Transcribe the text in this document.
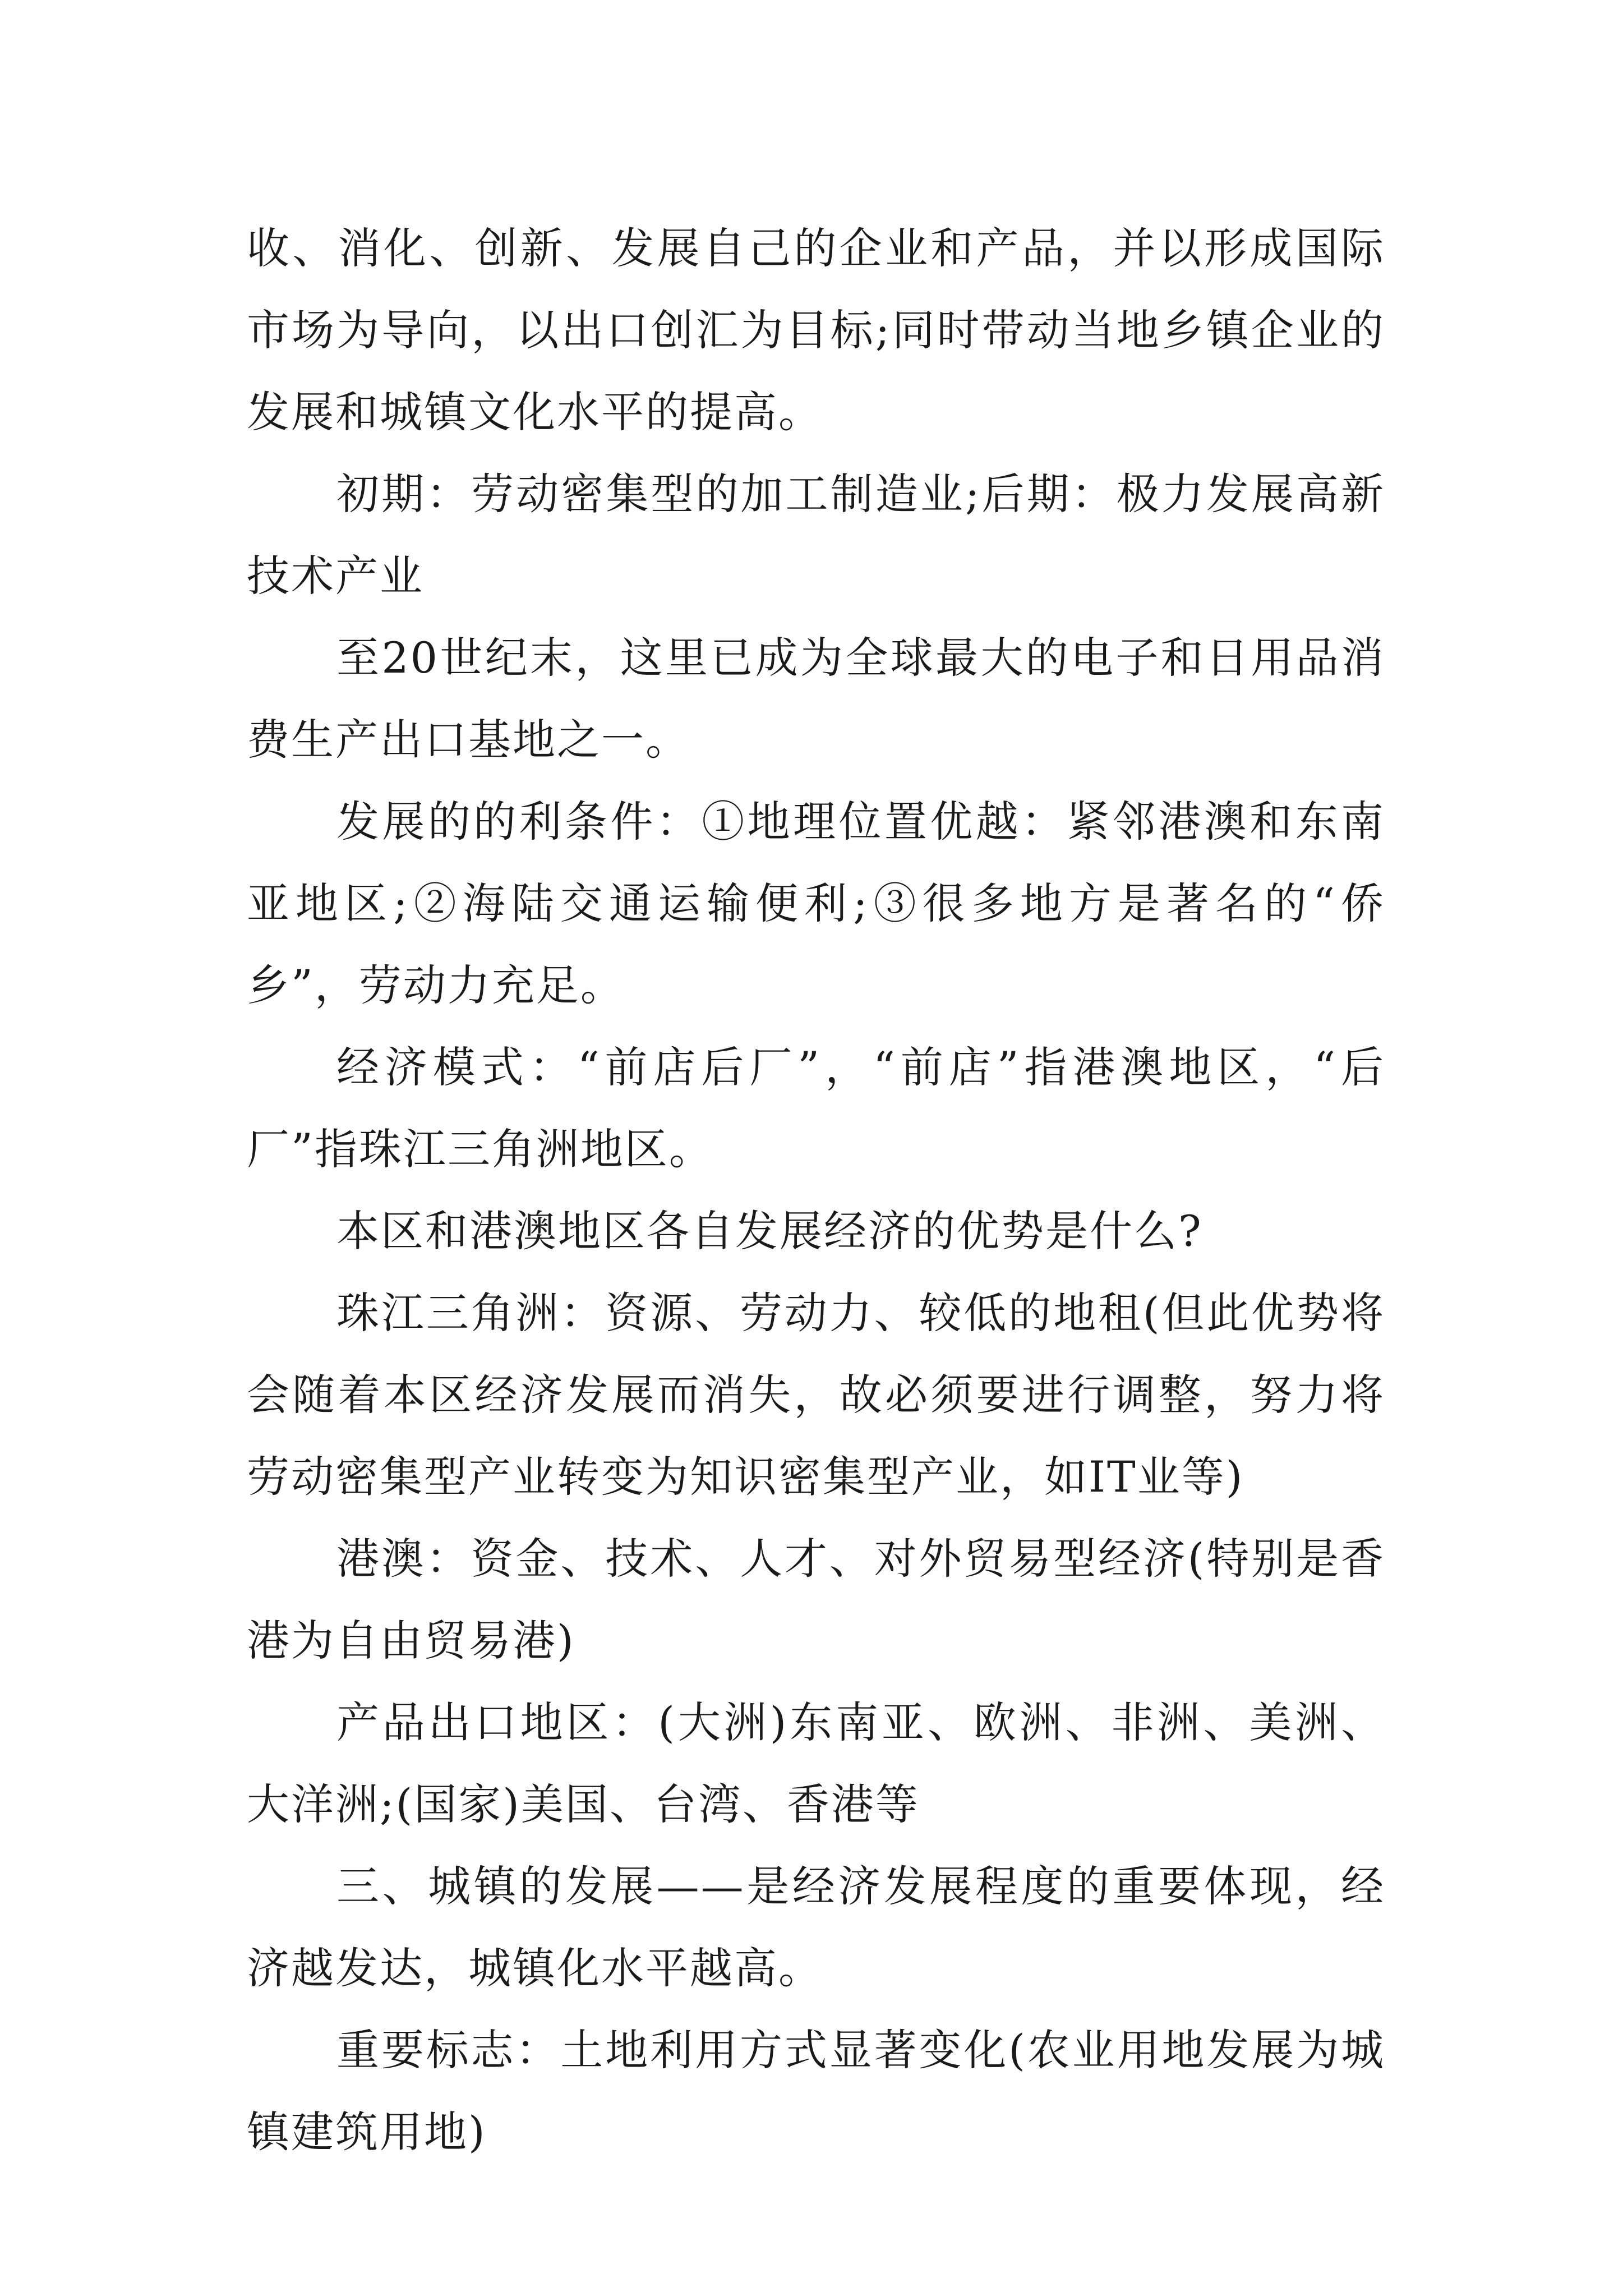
收、消化、创新、发展自己的企业和产品，并以形成国际市场为导向，以出口创汇为目标;同时带动当地乡镇企业的发展和城镇文化水平的提高。

初期：劳动密集型的加工制造业;后期：极力发展高新技术产业

至20世纪末，这里已成为全球最大的电子和日用品消费生产出口基地之一。

发展的的利条件：①地理位置优越：紧邻港澳和东南亚地区;②海陆交通运输便利;③很多地方是著名的“侨乡”，劳动力充足。

经济模式：“前店后厂”，“前店”指港澳地区，“后厂”指珠江三角洲地区。

本区和港澳地区各自发展经济的优势是什么?

珠江三角洲：资源、劳动力、较低的地租(但此优势将会随着本区经济发展而消失，故必须要进行调整，努力将劳动密集型产业转变为知识密集型产业，如IT业等)

港澳：资金、技术、人才、对外贸易型经济(特别是香港为自由贸易港)

产品出口地区：(大洲)东南亚、欧洲、非洲、美洲、大洋洲;(国家)美国、台湾、香港等

三、城镇的发展——是经济发展程度的重要体现，经济越发达，城镇化水平越高。

重要标志：土地利用方式显著变化(农业用地发展为城镇建筑用地)
